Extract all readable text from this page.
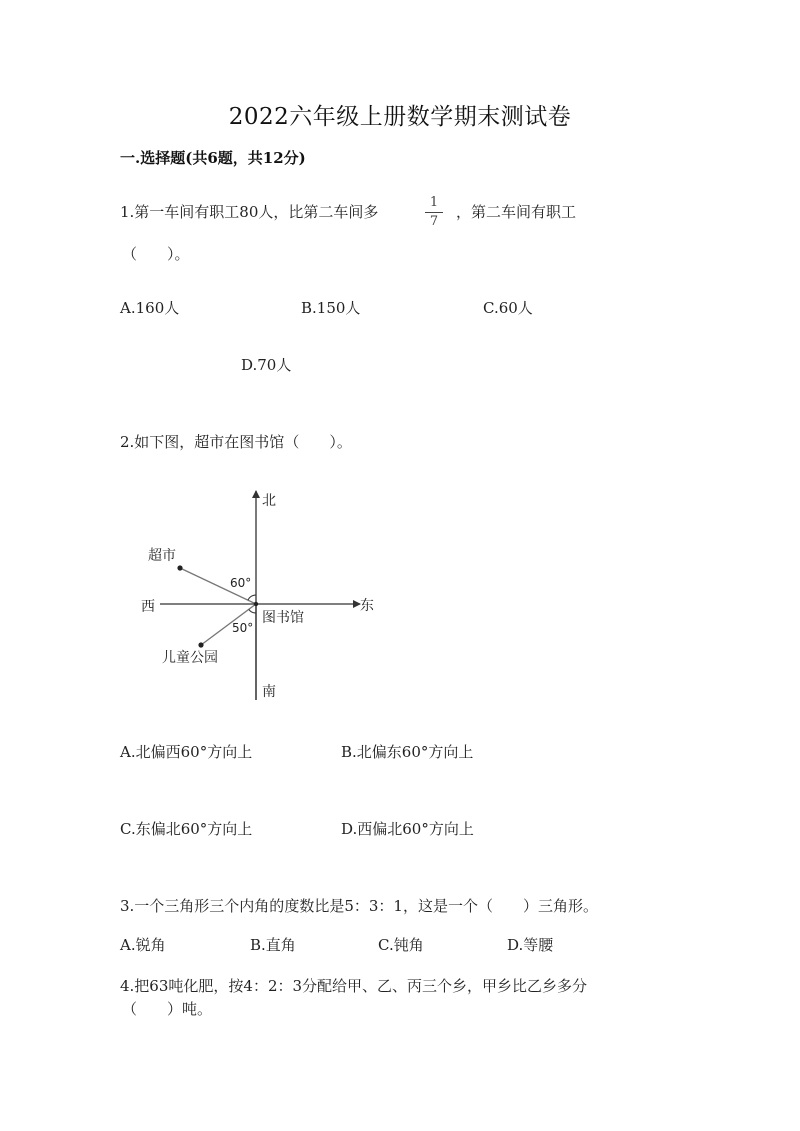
2022六年级上册数学期末测试卷
一.选择题(共6题，共12分)
1.第一车间有职工80人，比第二车间多
1
7
，第二车间有职工
（　　）。
A.160人	B.150人	C.60人
D.70人
2.如下图，超市在图书馆（　　）。
北
南
东
西
图书馆
超市
儿童公园
60°
50°
A.北偏西60°方向上	B.北偏东60°方向上
C.东偏北60°方向上	D.西偏北60°方向上
3.一个三角形三个内角的度数比是5：3：1，这是一个（　　）三角形。
A.锐角	B.直角	C.钝角	D.等腰
4.把63吨化肥，按4：2：3分配给甲、乙、丙三个乡，甲乡比乙乡多分
（　　）吨。
